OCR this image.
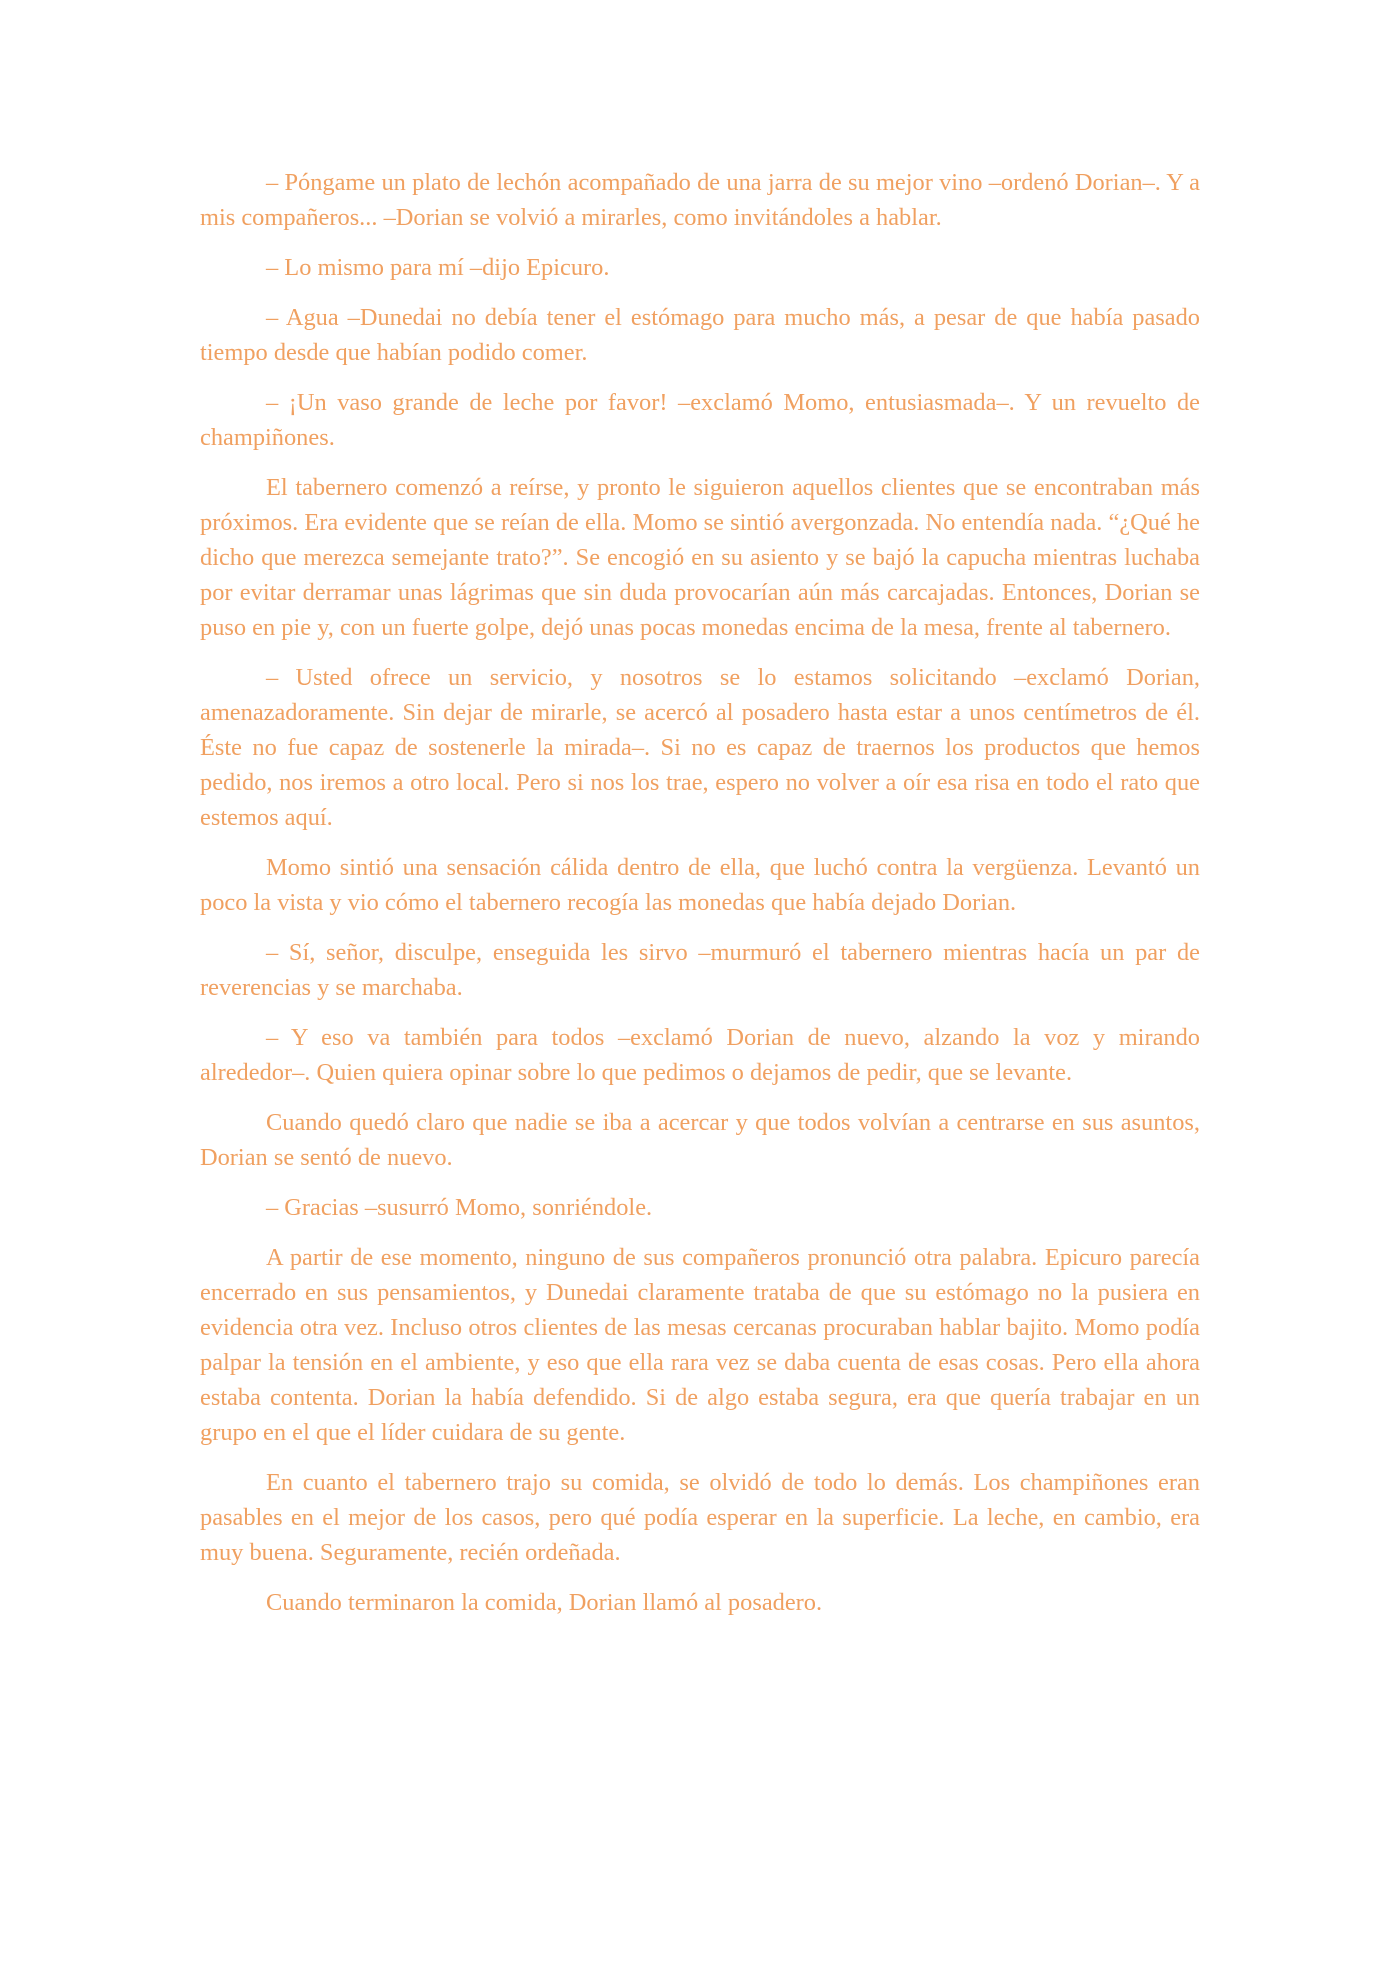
– Póngame un plato de lechón acompañado de una jarra de su mejor vino –ordenó Dorian–. Y a mis compañeros... –Dorian se volvió a mirarles, como invitándoles a hablar.

– Lo mismo para mí –dijo Epicuro.

– Agua –Dunedai no debía tener el estómago para mucho más, a pesar de que había pasado tiempo desde que habían podido comer.

– ¡Un vaso grande de leche por favor! –exclamó Momo, entusiasmada–. Y un revuelto de champiñones.

El tabernero comenzó a reírse, y pronto le siguieron aquellos clientes que se encontraban más próximos. Era evidente que se reían de ella. Momo se sintió avergonzada. No entendía nada. “¿Qué he dicho que merezca semejante trato?”. Se encogió en su asiento y se bajó la capucha mientras luchaba por evitar derramar unas lágrimas que sin duda provocarían aún más carcajadas. Entonces, Dorian se puso en pie y, con un fuerte golpe, dejó unas pocas monedas encima de la mesa, frente al tabernero.

– Usted ofrece un servicio, y nosotros se lo estamos solicitando –exclamó Dorian, amenazadoramente. Sin dejar de mirarle, se acercó al posadero hasta estar a unos centímetros de él. Éste no fue capaz de sostenerle la mirada–. Si no es capaz de traernos los productos que hemos pedido, nos iremos a otro local. Pero si nos los trae, espero no volver a oír esa risa en todo el rato que estemos aquí.

Momo sintió una sensación cálida dentro de ella, que luchó contra la vergüenza. Levantó un poco la vista y vio cómo el tabernero recogía las monedas que había dejado Dorian.

– Sí, señor, disculpe, enseguida les sirvo –murmuró el tabernero mientras hacía un par de reverencias y se marchaba.

– Y eso va también para todos –exclamó Dorian de nuevo, alzando la voz y mirando alrededor–. Quien quiera opinar sobre lo que pedimos o dejamos de pedir, que se levante.

Cuando quedó claro que nadie se iba a acercar y que todos volvían a centrarse en sus asuntos, Dorian se sentó de nuevo.

– Gracias –susurró Momo, sonriéndole.

A partir de ese momento, ninguno de sus compañeros pronunció otra palabra. Epicuro parecía encerrado en sus pensamientos, y Dunedai claramente trataba de que su estómago no la pusiera en evidencia otra vez. Incluso otros clientes de las mesas cercanas procuraban hablar bajito. Momo podía palpar la tensión en el ambiente, y eso que ella rara vez se daba cuenta de esas cosas. Pero ella ahora estaba contenta. Dorian la había defendido. Si de algo estaba segura, era que quería trabajar en un grupo en el que el líder cuidara de su gente.

En cuanto el tabernero trajo su comida, se olvidó de todo lo demás. Los champiñones eran pasables en el mejor de los casos, pero qué podía esperar en la superficie. La leche, en cambio, era muy buena. Seguramente, recién ordeñada.

Cuando terminaron la comida, Dorian llamó al posadero.
